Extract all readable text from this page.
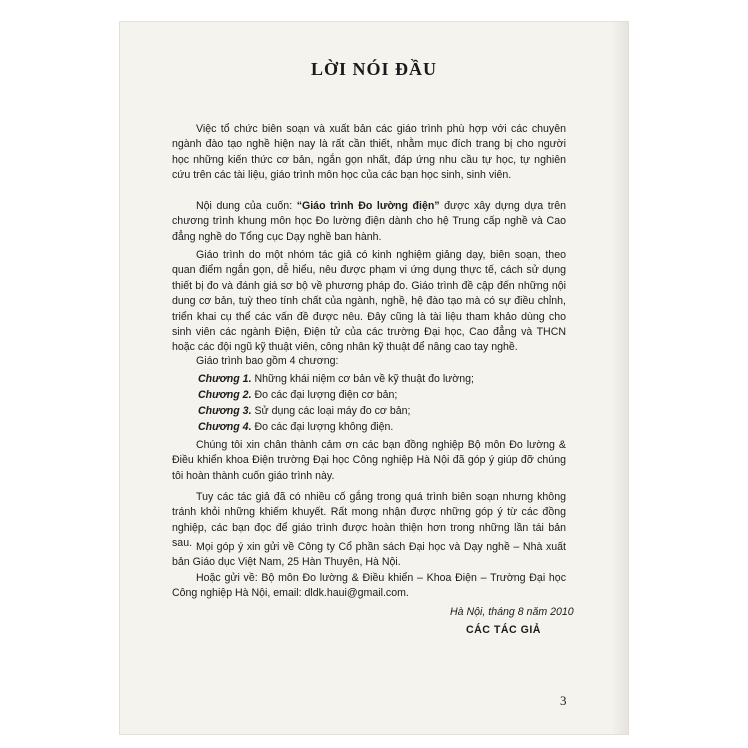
LỜI NÓI ĐẦU

Việc tổ chức biên soạn và xuất bản các giáo trình phù hợp với các chuyên ngành đào tạo nghề hiện nay là rất cần thiết, nhằm mục đích trang bị cho người học những kiến thức cơ bản, ngắn gọn nhất, đáp ứng nhu cầu tự học, tự nghiên cứu trên các tài liệu, giáo trình môn học của các bạn học sinh, sinh viên.

Nội dung của cuốn: “Giáo trình Đo lường điện” được xây dựng dựa trên chương trình khung môn học Đo lường điện dành cho hệ Trung cấp nghề và Cao đẳng nghề do Tổng cục Dạy nghề ban hành.

Giáo trình do một nhóm tác giả có kinh nghiệm giảng dạy, biên soạn, theo quan điểm ngắn gọn, dễ hiểu, nêu được phạm vi ứng dụng thực tế, cách sử dụng thiết bị đo và đánh giá sơ bộ về phương pháp đo. Giáo trình đề cập đến những nội dung cơ bản, tuỳ theo tính chất của ngành, nghề, hệ đào tạo mà có sự điều chỉnh, triển khai cụ thể các vấn đề được nêu. Đây cũng là tài liệu tham khảo dùng cho sinh viên các ngành Điện, Điện tử của các trường Đại học, Cao đẳng và THCN hoặc các đội ngũ kỹ thuật viên, công nhân kỹ thuật để nâng cao tay nghề.

Giáo trình bao gồm 4 chương:

Chương 1. Những khái niệm cơ bản về kỹ thuật đo lường;

Chương 2. Đo các đại lượng điện cơ bản;

Chương 3. Sử dụng các loại máy đo cơ bản;

Chương 4. Đo các đại lượng không điện.

Chúng tôi xin chân thành cảm ơn các bạn đồng nghiệp Bộ môn Đo lường & Điều khiển khoa Điện trường Đại học Công nghiệp Hà Nội đã góp ý giúp đỡ chúng tôi hoàn thành cuốn giáo trình này.

Tuy các tác giả đã có nhiều cố gắng trong quá trình biên soạn nhưng không tránh khỏi những khiếm khuyết. Rất mong nhận được những góp ý từ các đồng nghiệp, các bạn đọc để giáo trình được hoàn thiện hơn trong những lần tái bản sau. Mọi góp ý xin gửi về Công ty Cổ phần sách Đại học và Dạy nghề – Nhà xuất bản Giáo dục Việt Nam, 25 Hàn Thuyên, Hà Nội.

Hoặc gửi về: Bộ môn Đo lường & Điều khiển – Khoa Điện – Trường Đại học Công nghiệp Hà Nội, email: dldk.haui@gmail.com.

Hà Nội, tháng 8 năm 2010
CÁC TÁC GIẢ
3
